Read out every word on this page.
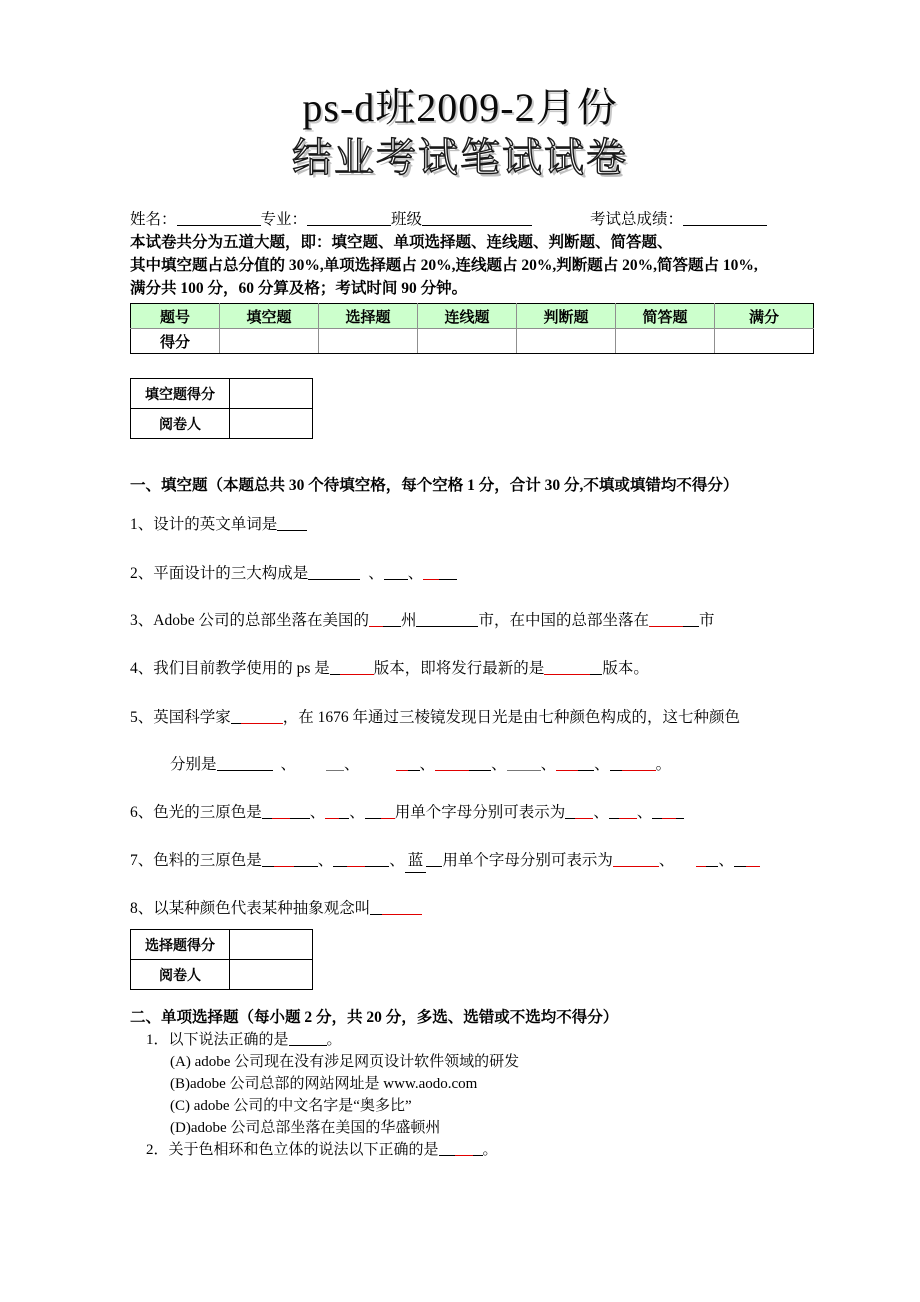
ps-d班2009-2月份
结业考试笔试试卷
姓名：	专业：	班级	考试总成绩：
本试卷共分为五道大题，即：填空题、单项选择题、连线题、判断题、简答题、
其中填空题占总分值的 30%,单项选择题占 20%,连线题占 20%,判断题占 20%,简答题占 10%,
满分共 100 分，60 分算及格；考试时间 90 分钟。
题号	填空题	选择题	连线题	判断题	简答题	满分
得分						
填空题得分	
阅卷人	
一、填空题（本题总共 30 个待填空格，每个空格 1 分，合计 30 分,不填或填错均不得分）
1、设计的英文单词是
2、平面设计的三大构成是	、 、
3、Adobe 公司的总部坐落在美国的 州	市，在中国的总部坐落在	市
4、我们目前教学使用的 ps 是	版本，即将发行最新的是	版本。
5、英国科学家	，在 1676 年通过三棱镜发现日光是由七种颜色构成的，这七种颜色
分别是	、	、	、	、 、 、	。
6、色光的三原色是	、 、 用单个字母分别可表示为 、 、
7、色料的三原色是	、	、 蓝 用单个字母分别可表示为	、	、
8、以某种颜色代表某种抽象观念叫
选择题得分	
阅卷人	
二、单项选择题（每小题 2 分，共 20 分，多选、选错或不选均不得分）
1．以下说法正确的是	。
(A) adobe 公司现在没有涉足网页设计软件领域的研发
(B)adobe 公司总部的网站网址是 www.aodo.com
(C) adobe 公司的中文名字是“奥多比”
(D)adobe 公司总部坐落在美国的华盛顿州
2．关于色相环和色立体的说法以下正确的是	。
